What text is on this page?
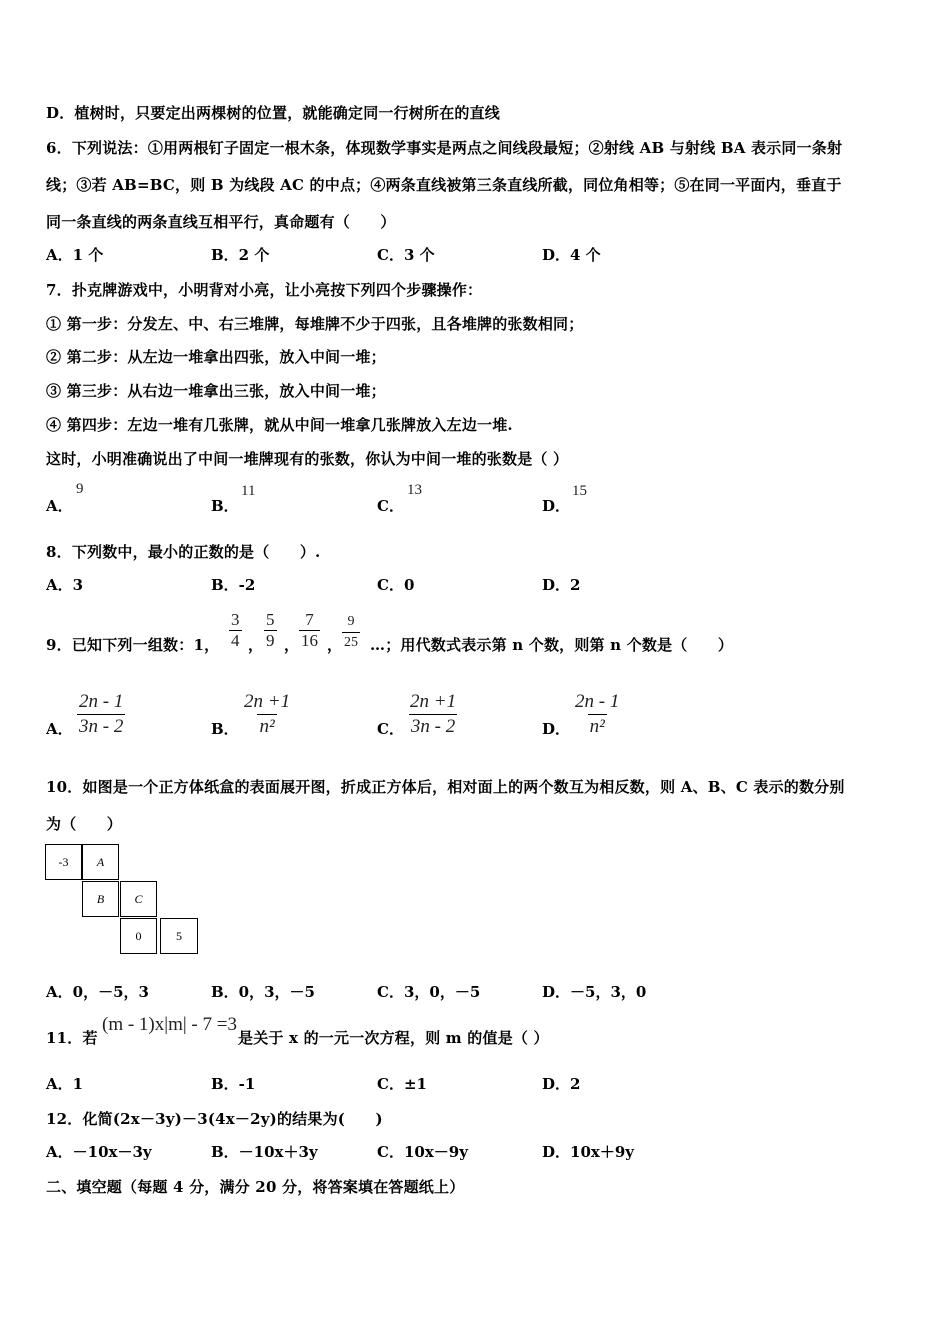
D．植树时，只要定出两棵树的位置，就能确定同一行树所在的直线
6．下列说法：①用两根钉子固定一根木条，体现数学事实是两点之间线段最短；②射线 AB 与射线 BA 表示同一条射
线；③若 AB=BC，则 B 为线段 AC 的中点；④两条直线被第三条直线所截，同位角相等；⑤在同一平面内，垂直于
同一条直线的两条直线互相平行，真命题有（　　）
A．1 个	B．2 个	C．3 个	D．4 个
7．扑克牌游戏中，小明背对小亮，让小亮按下列四个步骤操作：
① 第一步：分发左、中、右三堆牌，每堆牌不少于四张，且各堆牌的张数相同；
② 第二步：从左边一堆拿出四张，放入中间一堆；
③ 第三步：从右边一堆拿出三张，放入中间一堆；
④ 第四步：左边一堆有几张牌，就从中间一堆拿几张牌放入左边一堆.
这时，小明准确说出了中间一堆牌现有的张数，你认为中间一堆的张数是（ ）
A．
9
B．
11
C．
13
D．
15
8．下列数中，最小的正数的是（　　）.
A．3	B．-2	C．0	D．2
9．已知下列一组数：1， $\frac{3}{4}$ ， $\frac{5}{9}$ ， $\frac{7}{16}$ ， $\frac{9}{25}$ …；用代数式表示第 n 个数，则第 n 个数是（　　）
A． $\frac{2n - 1}{3n - 2}$	B． $\frac{2n +1}{\text{n²}}$	C． $\frac{2n +1}{3n - 2}$	D． $\frac{2n - 1}{\text{n²}}$
10．如图是一个正方体纸盒的表面展开图，折成正方体后，相对面上的两个数互为相反数，则 A、B、C 表示的数分别
为（　　）
-3	A
B	C
0	5
A．0，－5，3	B．0，3，－5	C．3，0，－5	D．－5，3，0
11．若
(m - 1)x|m| - 7 =3
是关于 x 的一元一次方程，则 m 的值是（ ）
A．1	B．-1	C．±1	D．2
12．化简(2x－3y)－3(4x－2y)的结果为(　　)
A．－10x－3y	B．－10x＋3y	C．10x－9y	D．10x＋9y
二、填空题（每题 4 分，满分 20 分，将答案填在答题纸上）
